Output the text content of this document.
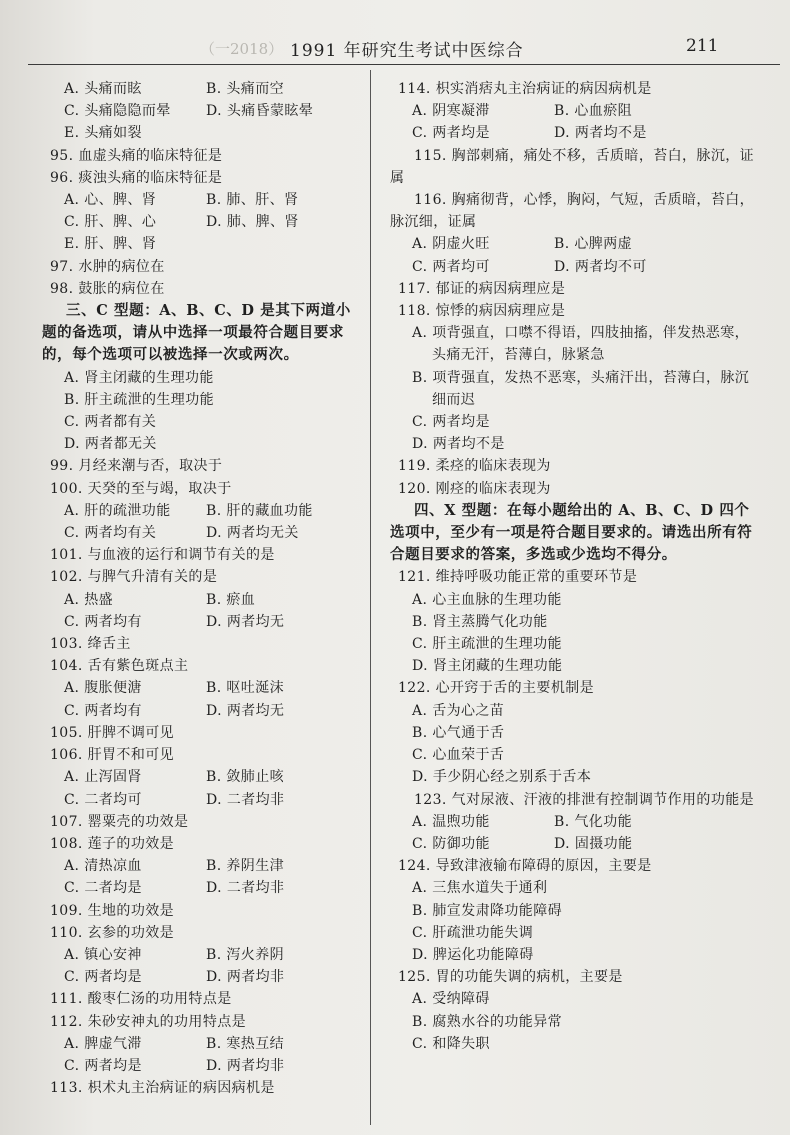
（一2018） 1991 年研究生考试中医综合	211
A. 头痛而眩	B. 头痛而空
C. 头痛隐隐而晕	D. 头痛昏蒙眩晕
E. 头痛如裂
95. 血虚头痛的临床特征是
96. 痰浊头痛的临床特征是
A. 心、脾、肾	B. 肺、肝、肾
C. 肝、脾、心	D. 肺、脾、肾
E. 肝、脾、肾
97. 水肿的病位在
98. 鼓胀的病位在
三、C 型题：A、B、C、D 是其下两道小题的备选项，请从中选择一项最符合题目要求的，每个选项可以被选择一次或两次。
A. 肾主闭藏的生理功能
B. 肝主疏泄的生理功能
C. 两者都有关
D. 两者都无关
99. 月经来潮与否，取决于
100. 天癸的至与竭，取决于
A. 肝的疏泄功能	B. 肝的藏血功能
C. 两者均有关	D. 两者均无关
101. 与血液的运行和调节有关的是
102. 与脾气升清有关的是
A. 热盛	B. 瘀血
C. 两者均有	D. 两者均无
103. 绛舌主
104. 舌有紫色斑点主
A. 腹胀便溏	B. 呕吐涎沫
C. 两者均有	D. 两者均无
105. 肝脾不调可见
106. 肝胃不和可见
A. 止泻固肾	B. 敛肺止咳
C. 二者均可	D. 二者均非
107. 罂粟壳的功效是
108. 莲子的功效是
A. 清热凉血	B. 养阴生津
C. 二者均是	D. 二者均非
109. 生地的功效是
110. 玄参的功效是
A. 镇心安神	B. 泻火养阴
C. 两者均是	D. 两者均非
111. 酸枣仁汤的功用特点是
112. 朱砂安神丸的功用特点是
A. 脾虚气滞	B. 寒热互结
C. 两者均是	D. 两者均非
113. 枳术丸主治病证的病因病机是
114. 枳实消痞丸主治病证的病因病机是
A. 阴寒凝滞	B. 心血瘀阻
C. 两者均是	D. 两者均不是
115. 胸部刺痛，痛处不移，舌质暗，苔白，脉沉，证属
116. 胸痛彻背，心悸，胸闷，气短，舌质暗，苔白，脉沉细，证属
A. 阴虚火旺	B. 心脾两虚
C. 两者均可	D. 两者均不可
117. 郁证的病因病理应是
118. 惊悸的病因病理应是
A. 项背强直，口噤不得语，四肢抽搐，伴发热恶寒，头痛无汗，苔薄白，脉紧急
B. 项背强直，发热不恶寒，头痛汗出，苔薄白，脉沉细而迟
C. 两者均是
D. 两者均不是
119. 柔痉的临床表现为
120. 刚痉的临床表现为
四、X 型题：在每小题给出的 A、B、C、D 四个选项中，至少有一项是符合题目要求的。请选出所有符合题目要求的答案，多选或少选均不得分。
121. 维持呼吸功能正常的重要环节是
A. 心主血脉的生理功能
B. 肾主蒸腾气化功能
C. 肝主疏泄的生理功能
D. 肾主闭藏的生理功能
122. 心开窍于舌的主要机制是
A. 舌为心之苗
B. 心气通于舌
C. 心血荣于舌
D. 手少阴心经之别系于舌本
123. 气对尿液、汗液的排泄有控制调节作用的功能是
A. 温煦功能	B. 气化功能
C. 防御功能	D. 固摄功能
124. 导致津液输布障碍的原因，主要是
A. 三焦水道失于通利
B. 肺宣发肃降功能障碍
C. 肝疏泄功能失调
D. 脾运化功能障碍
125. 胃的功能失调的病机，主要是
A. 受纳障碍
B. 腐熟水谷的功能异常
C. 和降失职
